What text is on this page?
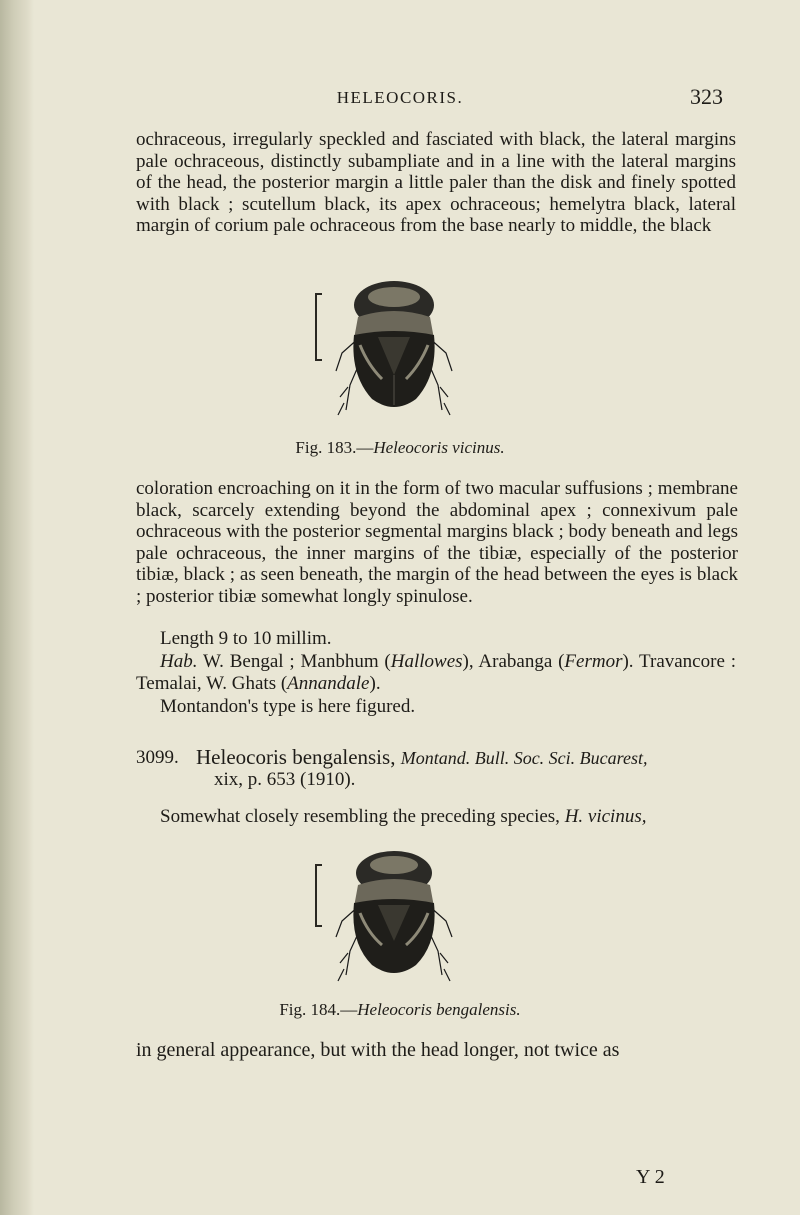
HELEOCORIS.	323

ochraceous, irregularly speckled and fasciated with black, the lateral margins pale ochraceous, distinctly subampliate and in a line with the lateral margins of the head, the posterior margin a little paler than the disk and finely spotted with black ; scutellum black, its apex ochraceous; hemelytra black, lateral margin of corium pale ochraceous from the base nearly to middle, the black

Fig. 183.—Heleocoris vicinus.

coloration encroaching on it in the form of two macular suffusions ; membrane black, scarcely extending beyond the abdominal apex ; connexivum pale ochraceous with the posterior segmental margins black ; body beneath and legs pale ochraceous, the inner margins of the tibiæ, especially of the posterior tibiæ, black ; as seen beneath, the margin of the head between the eyes is black ; posterior tibiæ somewhat longly spinulose.

Length 9 to 10 millim.

Hab. W. Bengal ; Manbhum (Hallowes), Arabanga (Fermor). Travancore : Temalai, W. Ghats (Annandale).

Montandon's type is here figured.

3099. Heleocoris bengalensis, Montand. Bull. Soc. Sci. Bucarest,
xix, p. 653 (1910).

Somewhat closely resembling the preceding species, H. vicinus,

Fig. 184.—Heleocoris bengalensis.

in general appearance, but with the head longer, not twice as

Y 2
